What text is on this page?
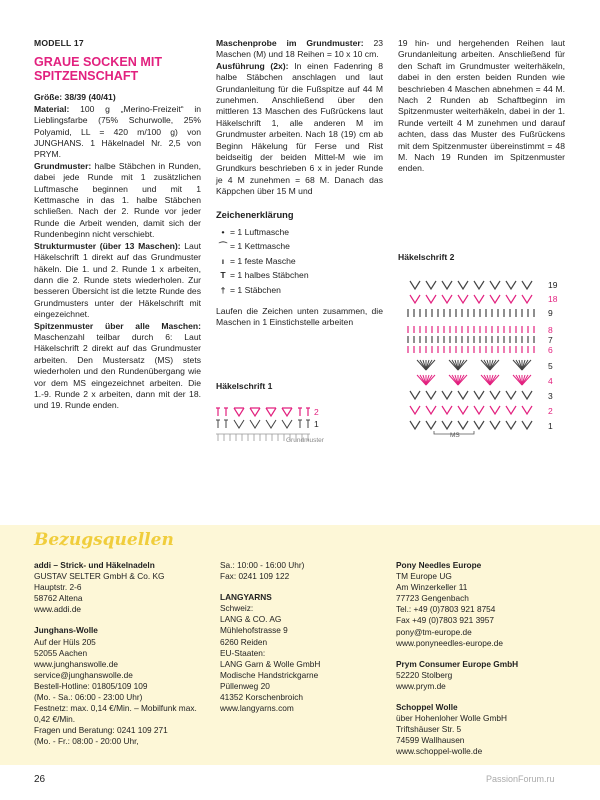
MODELL 17
GRAUE SOCKEN MIT SPITZENSCHAFT

Größe: 38/39 (40/41)

Material: 100 g „Merino-Freizeit“ in Lieblingsfarbe (75% Schurwolle, 25% Polyamid, LL = 420 m/100 g) von JUNGHANS. 1 Häkelnadel Nr. 2,5 von PRYM.

Grundmuster: halbe Stäbchen in Runden, dabei jede Runde mit 1 zusätzlichen Luftmasche beginnen und mit 1 Kettmasche in das 1. halbe Stäbchen schließen. Nach der 2. Runde vor jeder Runde die Arbeit wenden, damit sich der Rundenbeginn nicht verschiebt.

Strukturmuster (über 13 Maschen): Laut Häkelschrift 1 direkt auf das Grundmuster häkeln. Die 1. und 2. Runde 1 x arbeiten, dann die 2. Runde stets wiederholen. Zur besseren Übersicht ist die letzte Runde des Grundmusters unter der Häkelschrift mit eingezeichnet.

Spitzenmuster über alle Maschen: Maschenzahl teilbar durch 6: Laut Häkelschrift 2 direkt auf das Grundmuster arbeiten. Den Mustersatz (MS) stets wiederholen und den Rundenübergang wie vor dem MS eingezeichnet arbeiten. Die 1.-9. Runde 2 x arbeiten, dann mit der 18. und 19. Runde enden.

Maschenprobe im Grundmuster: 23 Maschen (M) und 18 Reihen = 10 x 10 cm.

Ausführung (2x): In einen Fadenring 8 halbe Stäbchen anschlagen und laut Grundanleitung für die Fußspitze auf 44 M zunehmen. Anschließend über den mittleren 13 Maschen des Fußrückens laut Häkelschrift 1, alle anderen M im Grundmuster arbeiten. Nach 18 (19) cm ab Beginn Häkelung für Ferse und Rist beidseitig der beiden Mittel-M wie im Grundkurs beschrieben 6 x in jeder Runde je 4 M zunehmen = 68 M. Danach das Käppchen über 15 M und

Zeichenerklärung
• = 1 Luftmasche
⌒ = 1 Kettmasche
ı = 1 feste Masche
T = 1 halbes Stäbchen
† = 1 Stäbchen

Laufen die Zeichen unten zusammen, die Maschen in 1 Einstichstelle arbeiten

Häkelschrift 1
2
1
Grundmuster

19 hin- und hergehenden Reihen laut Grundanleitung arbeiten. Anschließend für den Schaft im Grundmuster weiterhäkeln, dabei in den ersten beiden Runden wie beschrieben 4 Maschen abnehmen = 44 M. Nach 2 Runden ab Schaftbeginn im Spitzenmuster weiterhäkeln, dabei in der 1. Runde verteilt 4 M zunehmen und darauf achten, dass das Muster des Fußrückens mit dem Spitzenmuster übereinstimmt = 48 M. Nach 19 Runden im Spitzenmuster enden.

Häkelschrift 2
19
18
9
8
7
6
5
4
3
2
1
MS
Bezugsquellen
addi – Strick- und Häkelnadeln
GUSTAV SELTER GmbH & Co. KG
Hauptstr. 2-6
58762 Altena
www.addi.de
Junghans-Wolle
Auf der Hüls 205
52055 Aachen
www.junghanswolle.de
service@junghanswolle.de
Bestell-Hotline: 01805/109 109
(Mo. - Sa.: 06:00 - 23:00 Uhr)
Festnetz: max. 0,14 €/Min. – Mobilfunk max.
0,42 €/Min.
Fragen und Beratung: 0241 109 271
(Mo. - Fr.: 08:00 - 20:00 Uhr,
Sa.: 10:00 - 16:00 Uhr)
Fax: 0241 109 122
LANGYARNS
Schweiz:
LANG & CO. AG
Mühlehofstrasse 9
6260 Reiden
EU-Staaten:
LANG Garn & Wolle GmbH
Modische Handstrickgarne
Püllenweg 20
41352 Korschenbroich
www.langyarns.com
Pony Needles Europe
TM Europe UG
Am Winzerkeller 11
77723 Gengenbach
Tel.: +49 (0)7803 921 8754
Fax +49 (0)7803 921 3957
pony@tm-europe.de
www.ponyneedles-europe.de
Prym Consumer Europe GmbH
52220 Stolberg
www.prym.de
Schoppel Wolle
über Hohenloher Wolle GmbH
Triftshäuser Str. 5
74599 Wallhausen
www.schoppel-wolle.de
26	PassionForum.ru
